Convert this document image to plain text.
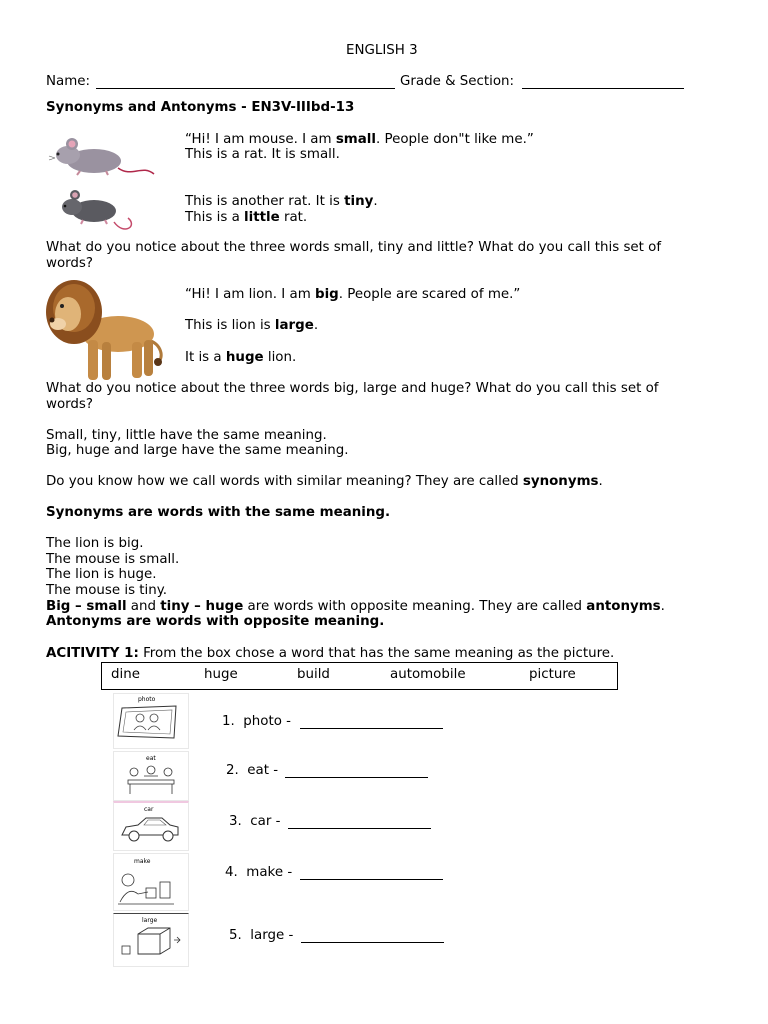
ENGLISH 3
Name:	Grade & Section:
Synonyms and Antonyms - EN3V-IIIbd-13
“Hi! I am mouse. I am small. People don"t like me.”
This is a rat. It is small.
This is another rat. It is tiny.
This is a little rat.
What do you notice about the three words small, tiny and little? What do you call this set of
words?
“Hi! I am lion. I am big. People are scared of me.”
This is lion is large.
It is a huge lion.
What do you notice about the three words big, large and huge? What do you call this set of
words?
Small, tiny, little have the same meaning.
Big, huge and large have the same meaning.
Do you know how we call words with similar meaning? They are called synonyms.
Synonyms are words with the same meaning.
The lion is big.
The mouse is small.
The lion is huge.
The mouse is tiny.
Big – small and tiny – huge are words with opposite meaning. They are called antonyms.
Antonyms are words with opposite meaning.
ACITIVITY 1: From the box chose a word that has the same meaning as the picture.
dine	huge	build	automobile	picture
photo
1. photo -
eat
2. eat -
car
3. car -
make
4. make -
large
5. large -
